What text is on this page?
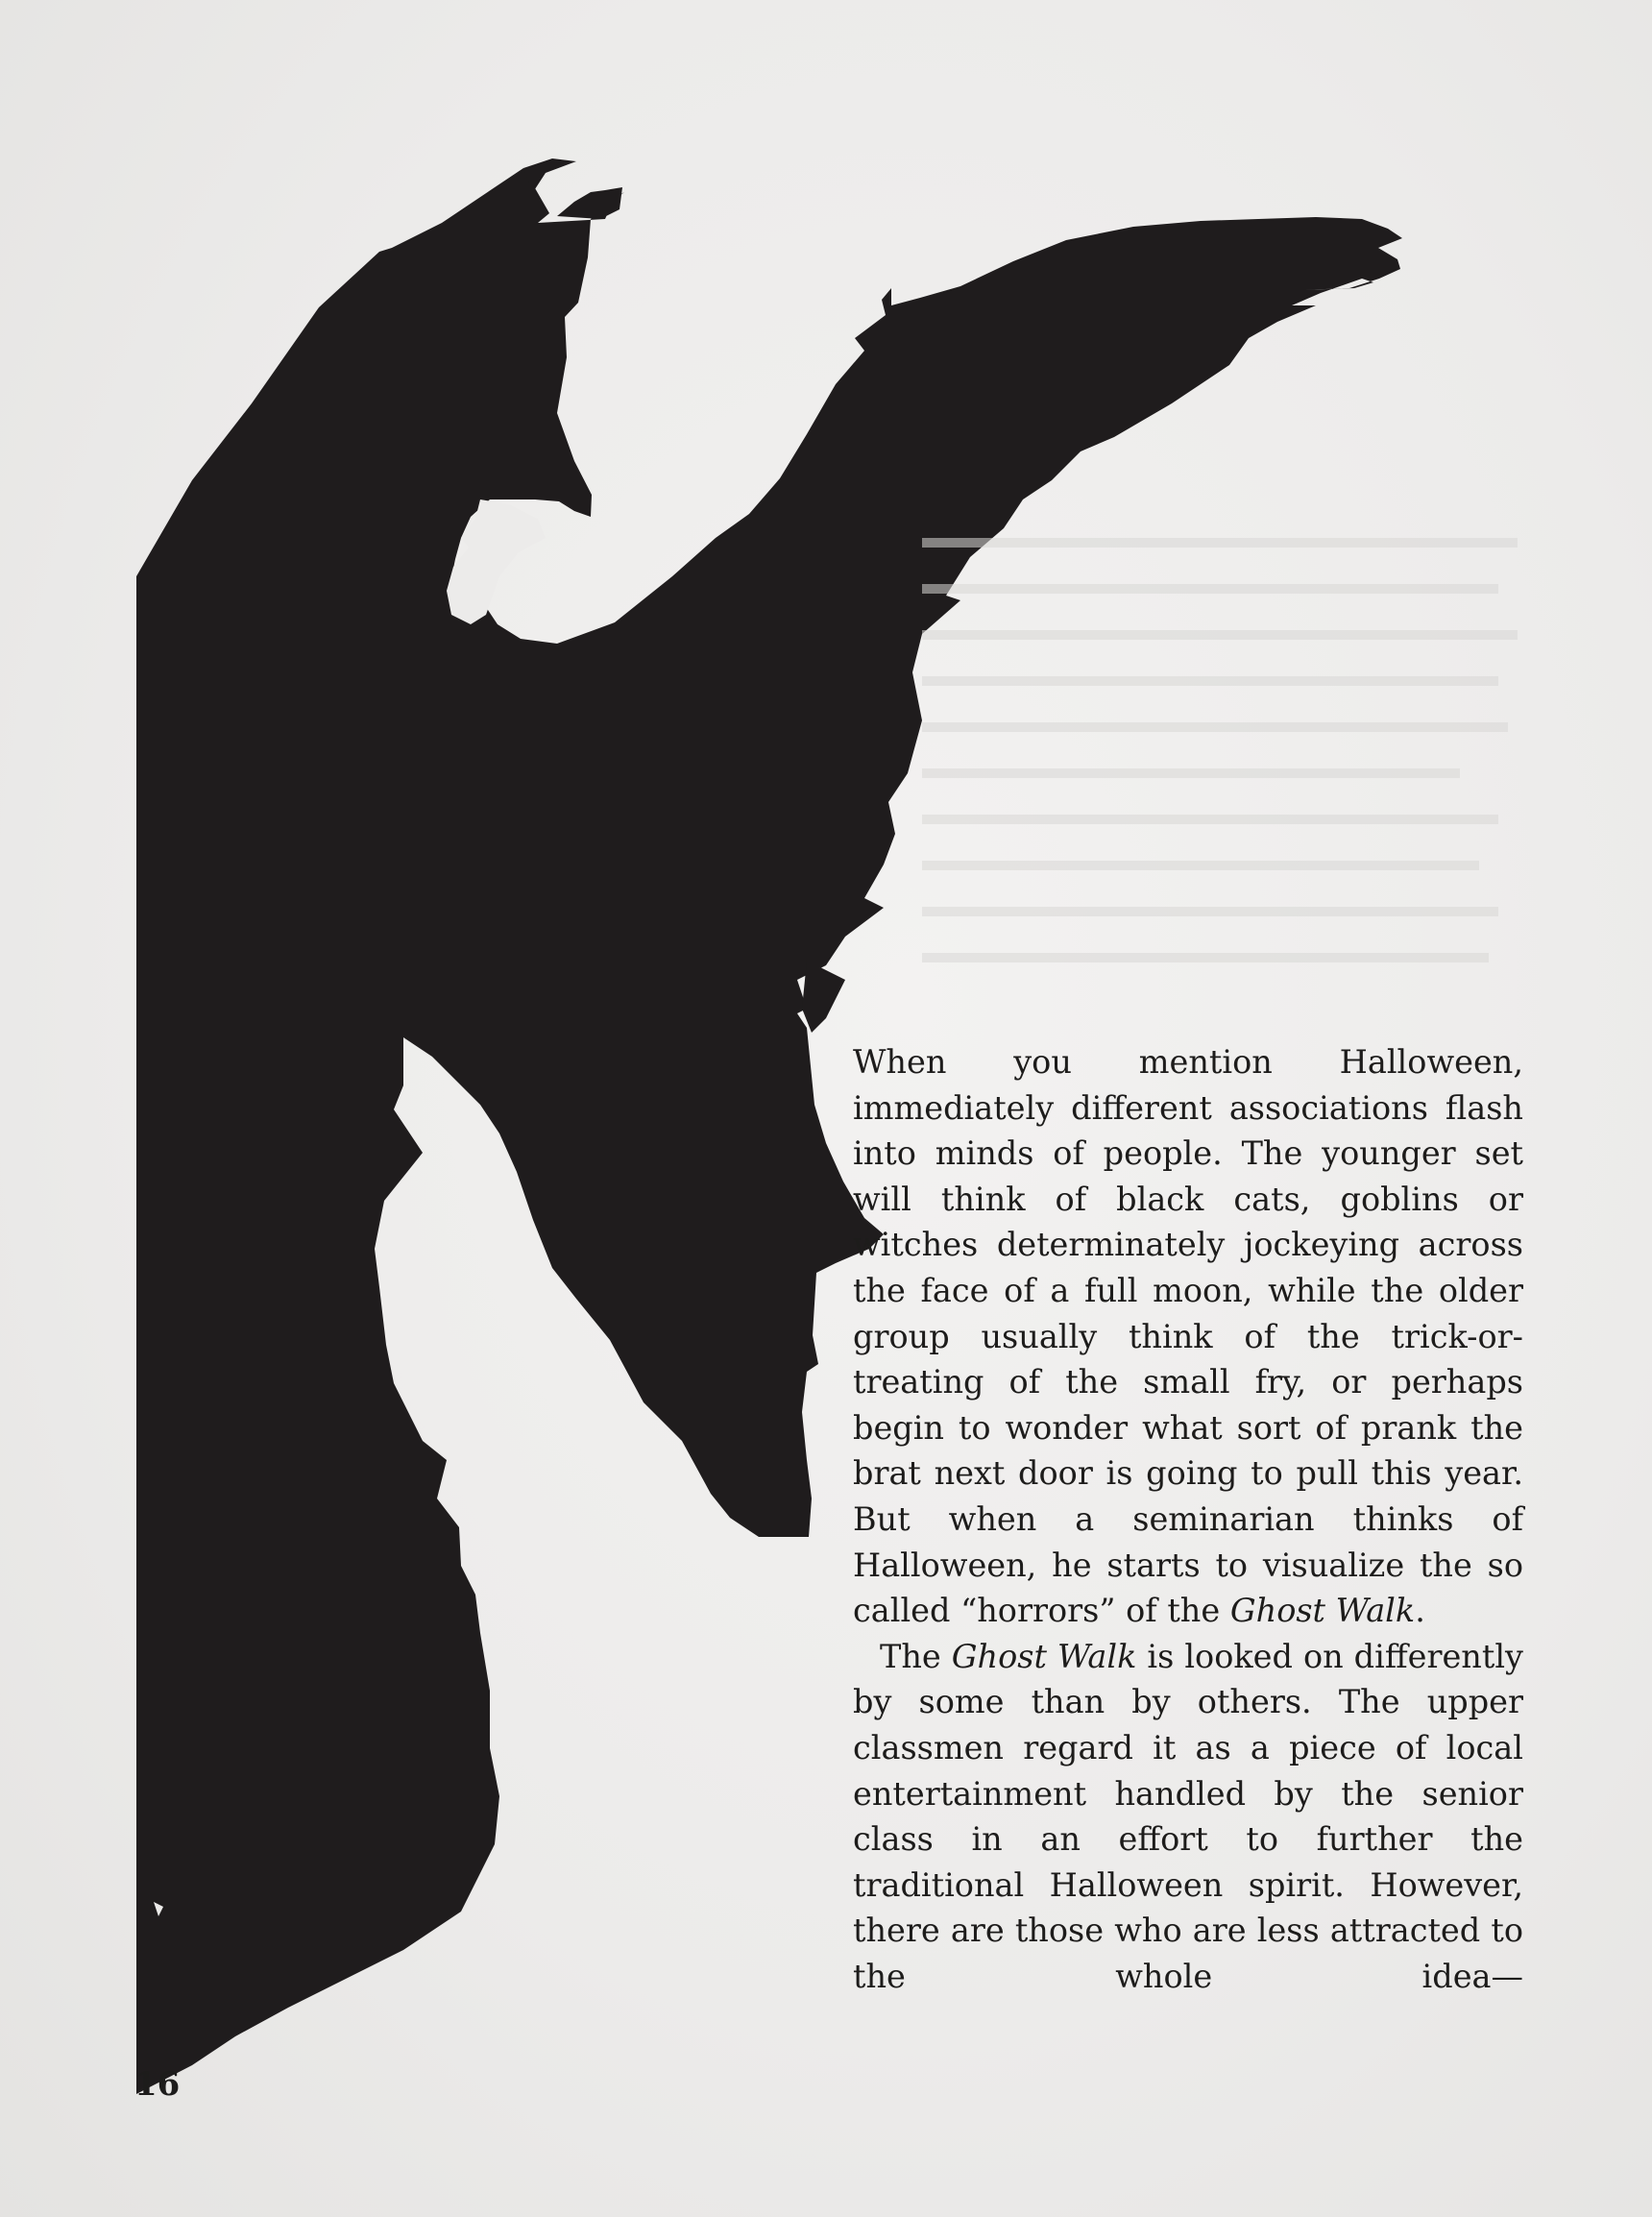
When you mention Halloween, immediately different associations flash into minds of people. The younger set will think of black cats, goblins or witches determinately jockeying across the face of a full moon, while the older group usually think of the trick-or-treating of the small fry, or perhaps begin to wonder what sort of prank the brat next door is going to pull this year. But when a seminarian thinks of Halloween, he starts to visualize the so called “horrors” of the Ghost Walk.

The Ghost Walk is looked on differently by some than by others. The upper classmen regard it as a piece of local entertainment handled by the senior class in an effort to further the traditional Halloween spirit. However, there are those who are less attracted to the whole idea—

16
